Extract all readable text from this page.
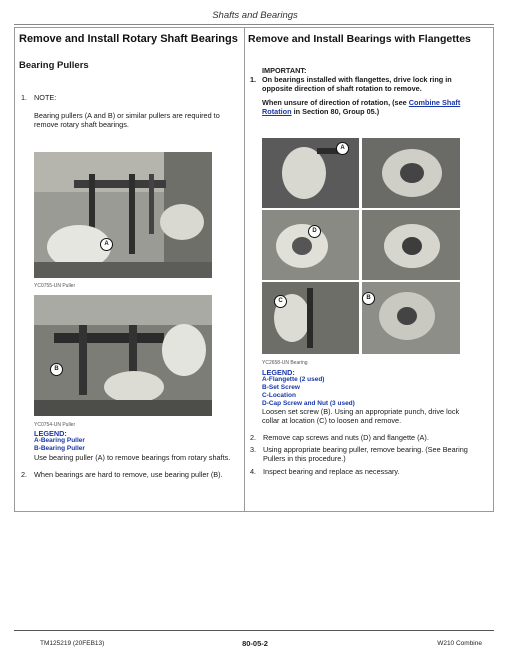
Shafts and Bearings
Remove and Install Rotary Shaft Bearings
Bearing Pullers
1. NOTE:
Bearing pullers (A and B) or similar pullers are required to remove rotary shaft bearings.
A
YC0755-UN Puller
B
YC0754-UN Puller
LEGEND:
A-Bearing Puller
B-Bearing Puller
Use bearing puller (A) to remove bearings from rotary shafts.
2. When bearings are hard to remove, use bearing puller (B).
Remove and Install Bearings with Flangettes
IMPORTANT:
1. On bearings installed with flangettes, drive lock ring in opposite direction of shaft rotation to remove.
When unsure of direction of rotation, (see Combine Shaft Rotation in Section 80, Group 05.)
A
D
C	B
YC2658-UN Bearing
LEGEND:
A-Flangette (2 used)
B-Set Screw
C-Location
D-Cap Screw and Nut (3 used)
Loosen set screw (B). Using an appropriate punch, drive lock collar at location (C) to loosen and remove.
2. Remove cap screws and nuts (D) and flangette (A).
3. Using appropriate bearing puller, remove bearing. (See Bearing Pullers in this procedure.)
4. Inspect bearing and replace as necessary.
TM125219 (20FEB13)	80-05-2	W210 Combine
